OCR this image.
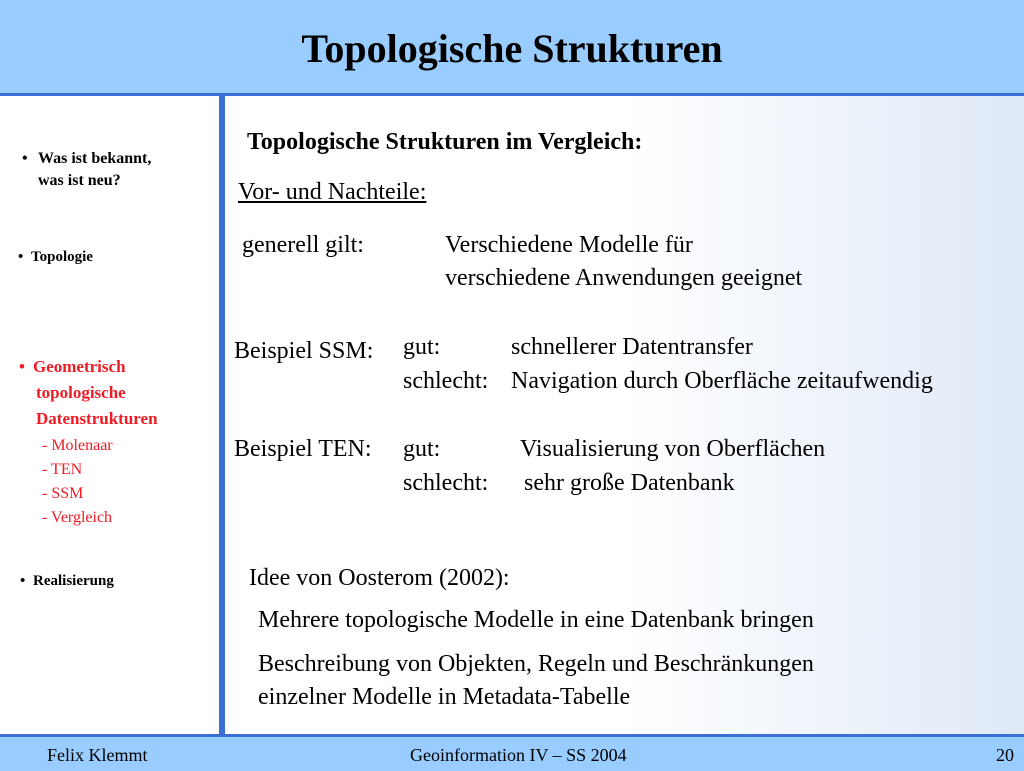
Topologische Strukturen
• Was ist bekannt,
was ist neu?
• Topologie
• Geometrisch
topologische
Datenstrukturen
- Molenaar
- TEN
- SSM
- Vergleich
• Realisierung
Topologische Strukturen im Vergleich:
Vor- und Nachteile:
generell gilt:	Verschiedene Modelle für
verschiedene Anwendungen geeignet
Beispiel SSM: gut:	schnellerer Datentransfer
schlecht: Navigation durch Oberfläche zeitaufwendig
Beispiel TEN: gut:	Visualisierung von Oberflächen
schlecht: sehr große Datenbank
Idee von Oosterom (2002):
Mehrere topologische Modelle in eine Datenbank bringen
Beschreibung von Objekten, Regeln und Beschränkungen
einzelner Modelle in Metadata-Tabelle
Felix Klemmt	Geoinformation IV – SS 2004	20
